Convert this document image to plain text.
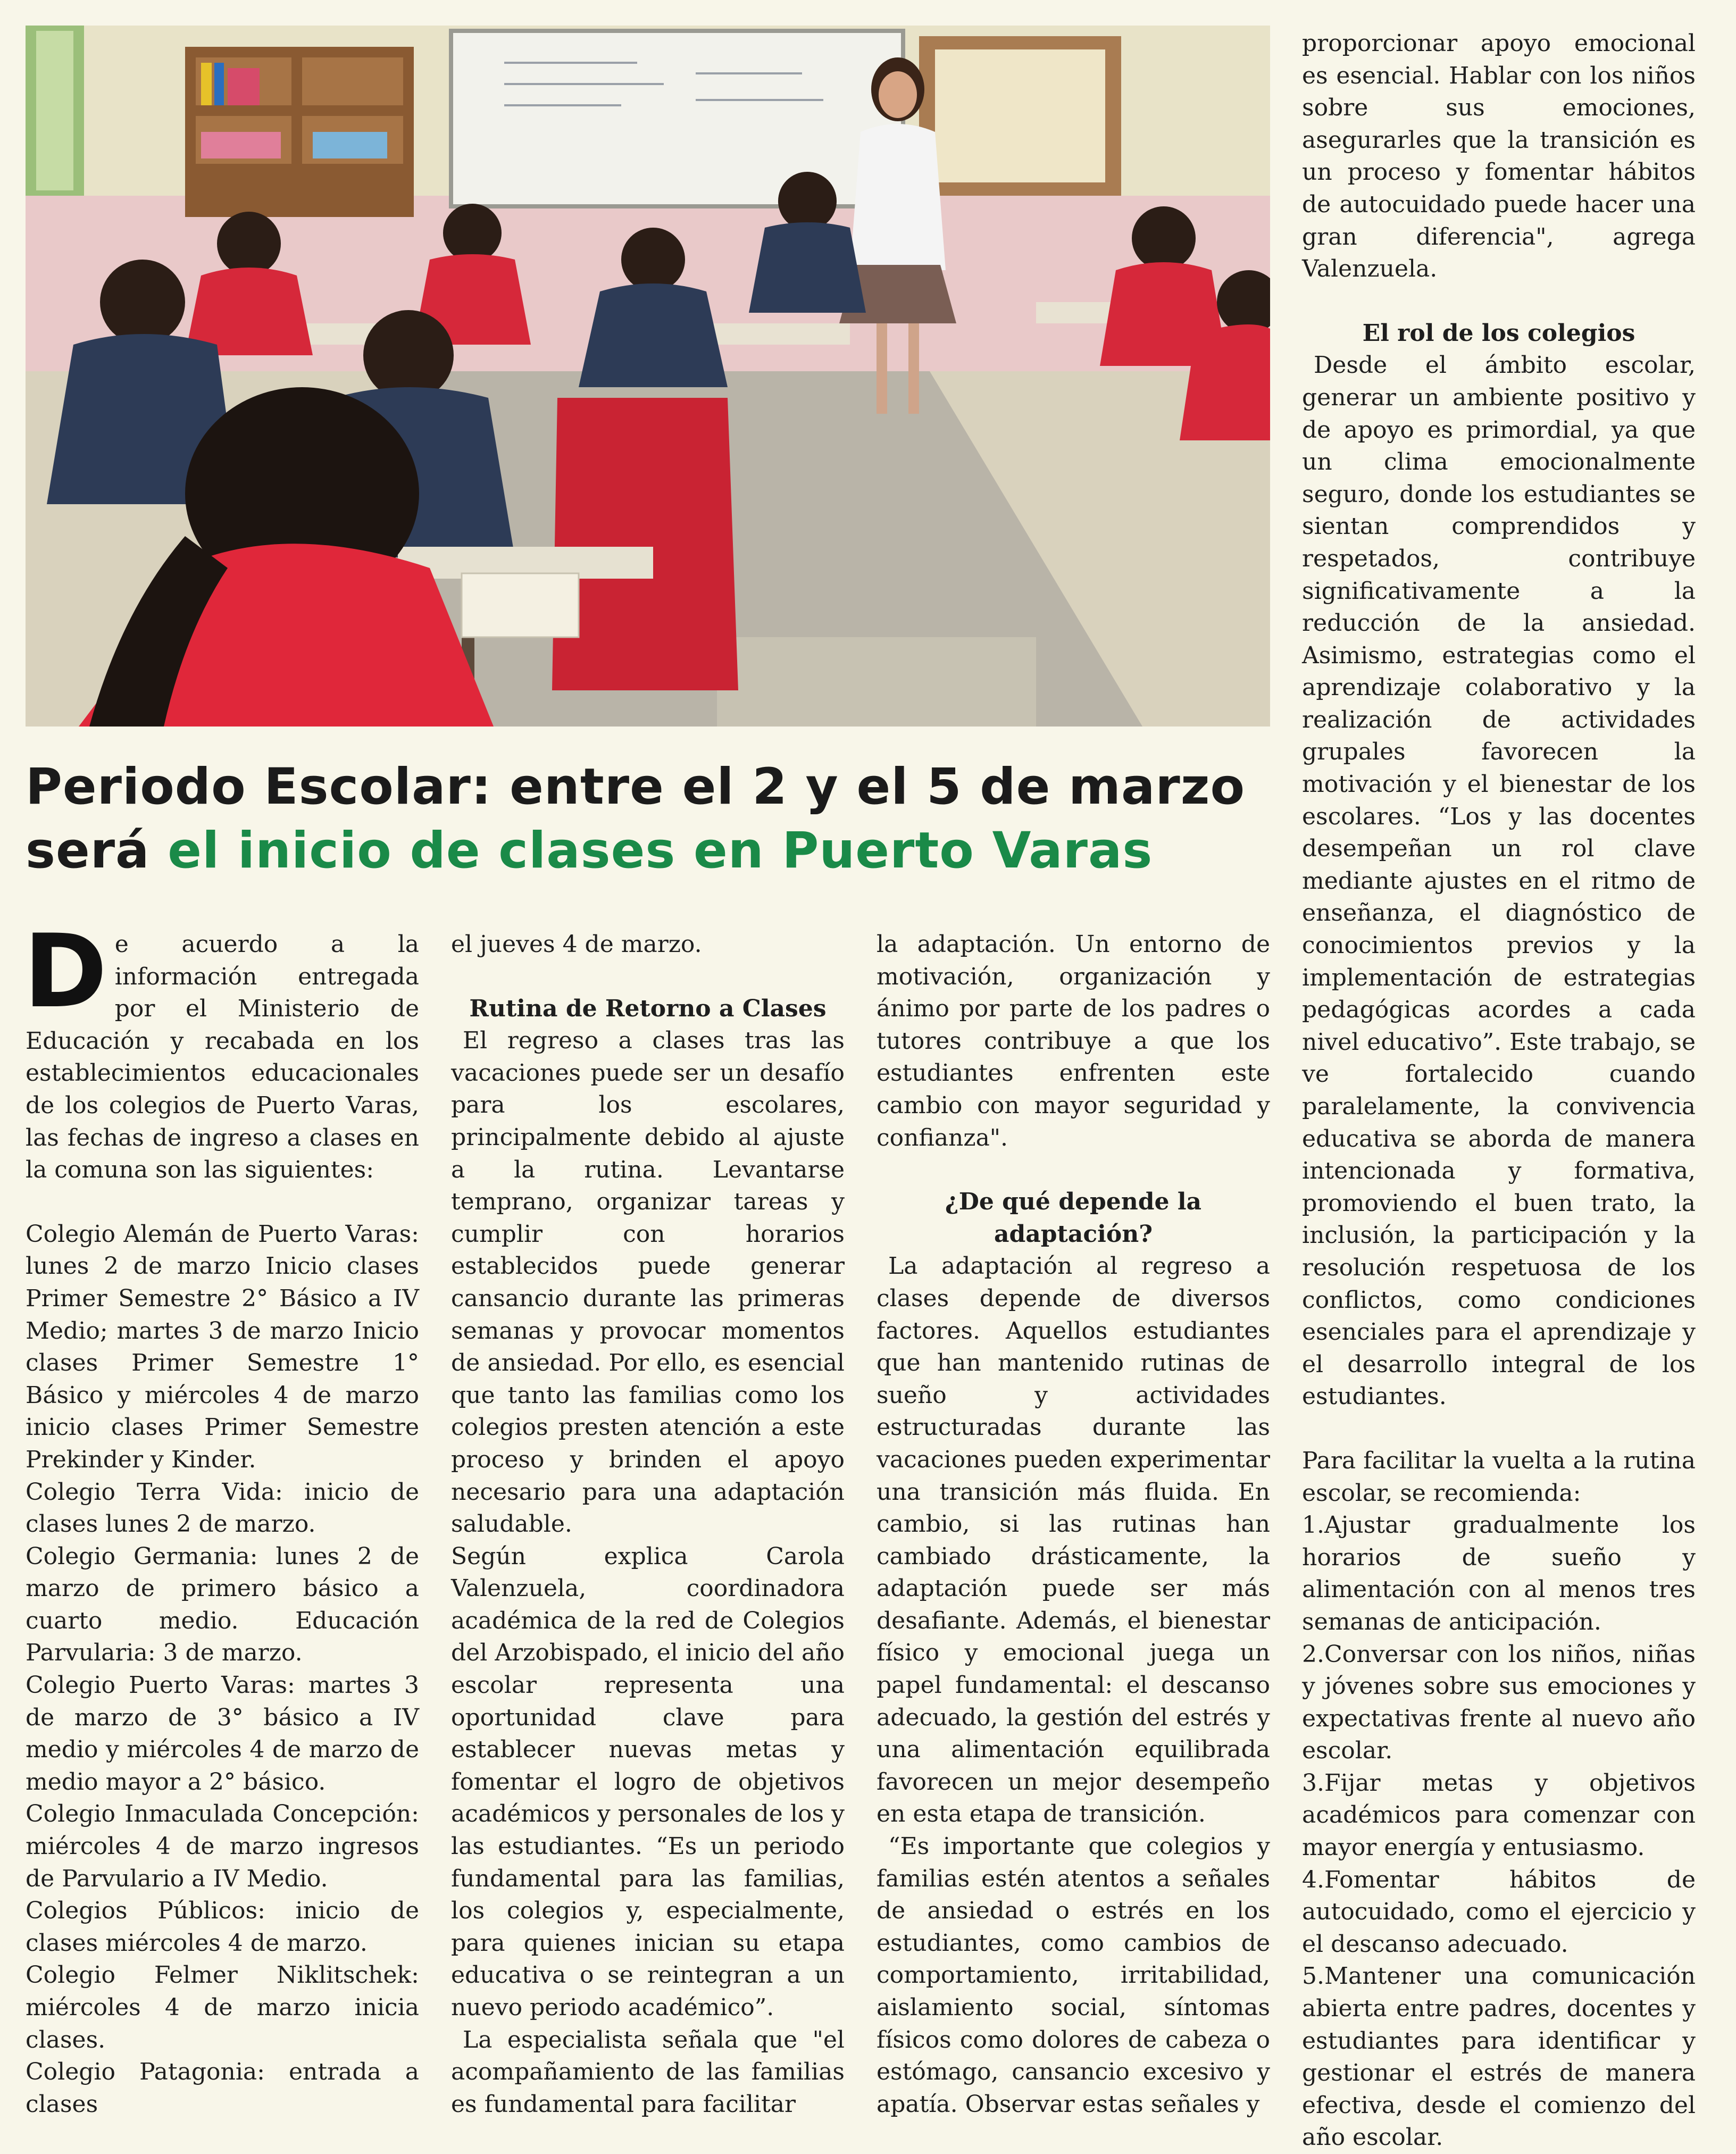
Periodo Escolar: entre el 2 y el 5 de marzo
será el inicio de clases en Puerto Varas

De acuerdo a la información entregada por el Ministerio de Educación y recabada en los establecimientos educacionales de los colegios de Puerto Varas, las fechas de ingreso a clases en la comuna son las siguientes:

Colegio Alemán de Puerto Varas: lunes 2 de marzo Inicio clases Primer Semestre 2° Básico a IV Medio; martes 3 de marzo Inicio clases Primer Semestre 1° Básico y miércoles 4 de marzo inicio clases Primer Semestre Prekinder y Kinder.

Colegio Terra Vida: inicio de clases lunes 2 de marzo.

Colegio Germania: lunes 2 de marzo de primero básico a cuarto medio. Educación Parvularia: 3 de marzo.

Colegio Puerto Varas: martes 3 de marzo de 3° básico a IV medio y miércoles 4 de marzo de medio mayor a 2° básico.

Colegio Inmaculada Concepción: miércoles 4 de marzo ingresos de Parvulario a IV Medio.

Colegios Públicos: inicio de clases miércoles 4 de marzo.

Colegio Felmer Niklitschek: miércoles 4 de marzo inicia clases.

Colegio Patagonia: entrada a clases

el jueves 4 de marzo.

Rutina de Retorno a Clases

El regreso a clases tras las vacaciones puede ser un desafío para los escolares, principalmente debido al ajuste a la rutina. Levantarse temprano, organizar tareas y cumplir con horarios establecidos puede generar cansancio durante las primeras semanas y provocar momentos de ansiedad. Por ello, es esencial que tanto las familias como los colegios presten atención a este proceso y brinden el apoyo necesario para una adaptación saludable.

Según explica Carola Valenzuela, coordinadora académica de la red de Colegios del Arzobispado, el inicio del año escolar representa una oportunidad clave para establecer nuevas metas y fomentar el logro de objetivos académicos y personales de los y las estudiantes. “Es un periodo fundamental para las familias, los colegios y, especialmente, para quienes inician su etapa educativa o se reintegran a un nuevo periodo académico”.

La especialista señala que "el acompañamiento de las familias es fundamental para facilitar

la adaptación. Un entorno de motivación, organización y ánimo por parte de los padres o tutores contribuye a que los estudiantes enfrenten este cambio con mayor seguridad y confianza".

¿De qué depende la adaptación?

La adaptación al regreso a clases depende de diversos factores. Aquellos estudiantes que han mantenido rutinas de sueño y actividades estructuradas durante las vacaciones pueden experimentar una transición más fluida. En cambio, si las rutinas han cambiado drásticamente, la adaptación puede ser más desafiante. Además, el bienestar físico y emocional juega un papel fundamental: el descanso adecuado, la gestión del estrés y una alimentación equilibrada favorecen un mejor desempeño en esta etapa de transición.

“Es importante que colegios y familias estén atentos a señales de ansiedad o estrés en los estudiantes, como cambios de comportamiento, irritabilidad, aislamiento social, síntomas físicos como dolores de cabeza o estómago, cansancio excesivo y apatía. Observar estas señales y

proporcionar apoyo emocional es esencial. Hablar con los niños sobre sus emociones, asegurarles que la transición es un proceso y fomentar hábitos de autocuidado puede hacer una gran diferencia", agrega Valenzuela.

El rol de los colegios

Desde el ámbito escolar, generar un ambiente positivo y de apoyo es primordial, ya que un clima emocionalmente seguro, donde los estudiantes se sientan comprendidos y respetados, contribuye significativamente a la reducción de la ansiedad. Asimismo, estrategias como el aprendizaje colaborativo y la realización de actividades grupales favorecen la motivación y el bienestar de los escolares. “Los y las docentes desempeñan un rol clave mediante ajustes en el ritmo de enseñanza, el diagnóstico de conocimientos previos y la implementación de estrategias pedagógicas acordes a cada nivel educativo”. Este trabajo, se ve fortalecido cuando paralelamente, la convivencia educativa se aborda de manera intencionada y formativa, promoviendo el buen trato, la inclusión, la participación y la resolución respetuosa de los conflictos, como condiciones esenciales para el aprendizaje y el desarrollo integral de los estudiantes.

Para facilitar la vuelta a la rutina escolar, se recomienda:

1.Ajustar gradualmente los horarios de sueño y alimentación con al menos tres semanas de anticipación.

2.Conversar con los niños, niñas y jóvenes sobre sus emociones y expectativas frente al nuevo año escolar.

3.Fijar metas y objetivos académicos para comenzar con mayor energía y entusiasmo.

4.Fomentar hábitos de autocuidado, como el ejercicio y el descanso adecuado.

5.Mantener una comunicación abierta entre padres, docentes y estudiantes para identificar y gestionar el estrés de manera efectiva, desde el comienzo del año escolar.
